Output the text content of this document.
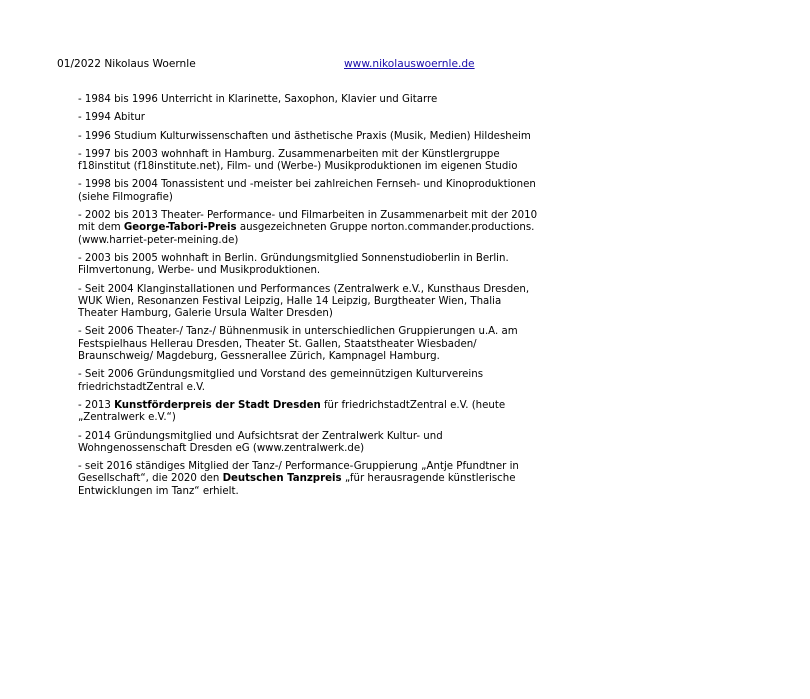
01/2022 Nikolaus Woernle	www.nikolauswoernle.de
- 1984 bis 1996 Unterricht in Klarinette, Saxophon, Klavier und Gitarre
- 1994 Abitur
- 1996 Studium Kulturwissenschaften und ästhetische Praxis (Musik, Medien) Hildesheim
- 1997 bis 2003 wohnhaft in Hamburg. Zusammenarbeiten mit der Künstlergruppe
f18institut (f18institute.net), Film- und (Werbe-) Musikproduktionen im eigenen Studio
- 1998 bis 2004 Tonassistent und -meister bei zahlreichen Fernseh- und Kinoproduktionen
(siehe Filmografie)
- 2002 bis 2013 Theater- Performance- und Filmarbeiten in Zusammenarbeit mit der 2010
mit dem George-Tabori-Preis ausgezeichneten Gruppe norton.commander.productions.
(www.harriet-peter-meining.de)
- 2003 bis 2005 wohnhaft in Berlin. Gründungsmitglied Sonnenstudioberlin in Berlin.
Filmvertonung, Werbe- und Musikproduktionen.
- Seit 2004 Klanginstallationen und Performances (Zentralwerk e.V., Kunsthaus Dresden,
WUK Wien, Resonanzen Festival Leipzig, Halle 14 Leipzig, Burgtheater Wien, Thalia
Theater Hamburg, Galerie Ursula Walter Dresden)
- Seit 2006 Theater-/ Tanz-/ Bühnenmusik in unterschiedlichen Gruppierungen u.A. am
Festspielhaus Hellerau Dresden, Theater St. Gallen, Staatstheater Wiesbaden/
Braunschweig/ Magdeburg, Gessnerallee Zürich, Kampnagel Hamburg.
- Seit 2006 Gründungsmitglied und Vorstand des gemeinnützigen Kulturvereins
friedrichstadtZentral e.V.
- 2013 Kunstförderpreis der Stadt Dresden für friedrichstadtZentral e.V. (heute
„Zentralwerk e.V.“)
- 2014 Gründungsmitglied und Aufsichtsrat der Zentralwerk Kultur- und
Wohngenossenschaft Dresden eG (www.zentralwerk.de)
- seit 2016 ständiges Mitglied der Tanz-/ Performance-Gruppierung „Antje Pfundtner in
Gesellschaft“, die 2020 den Deutschen Tanzpreis „für herausragende künstlerische
Entwicklungen im Tanz“ erhielt.
